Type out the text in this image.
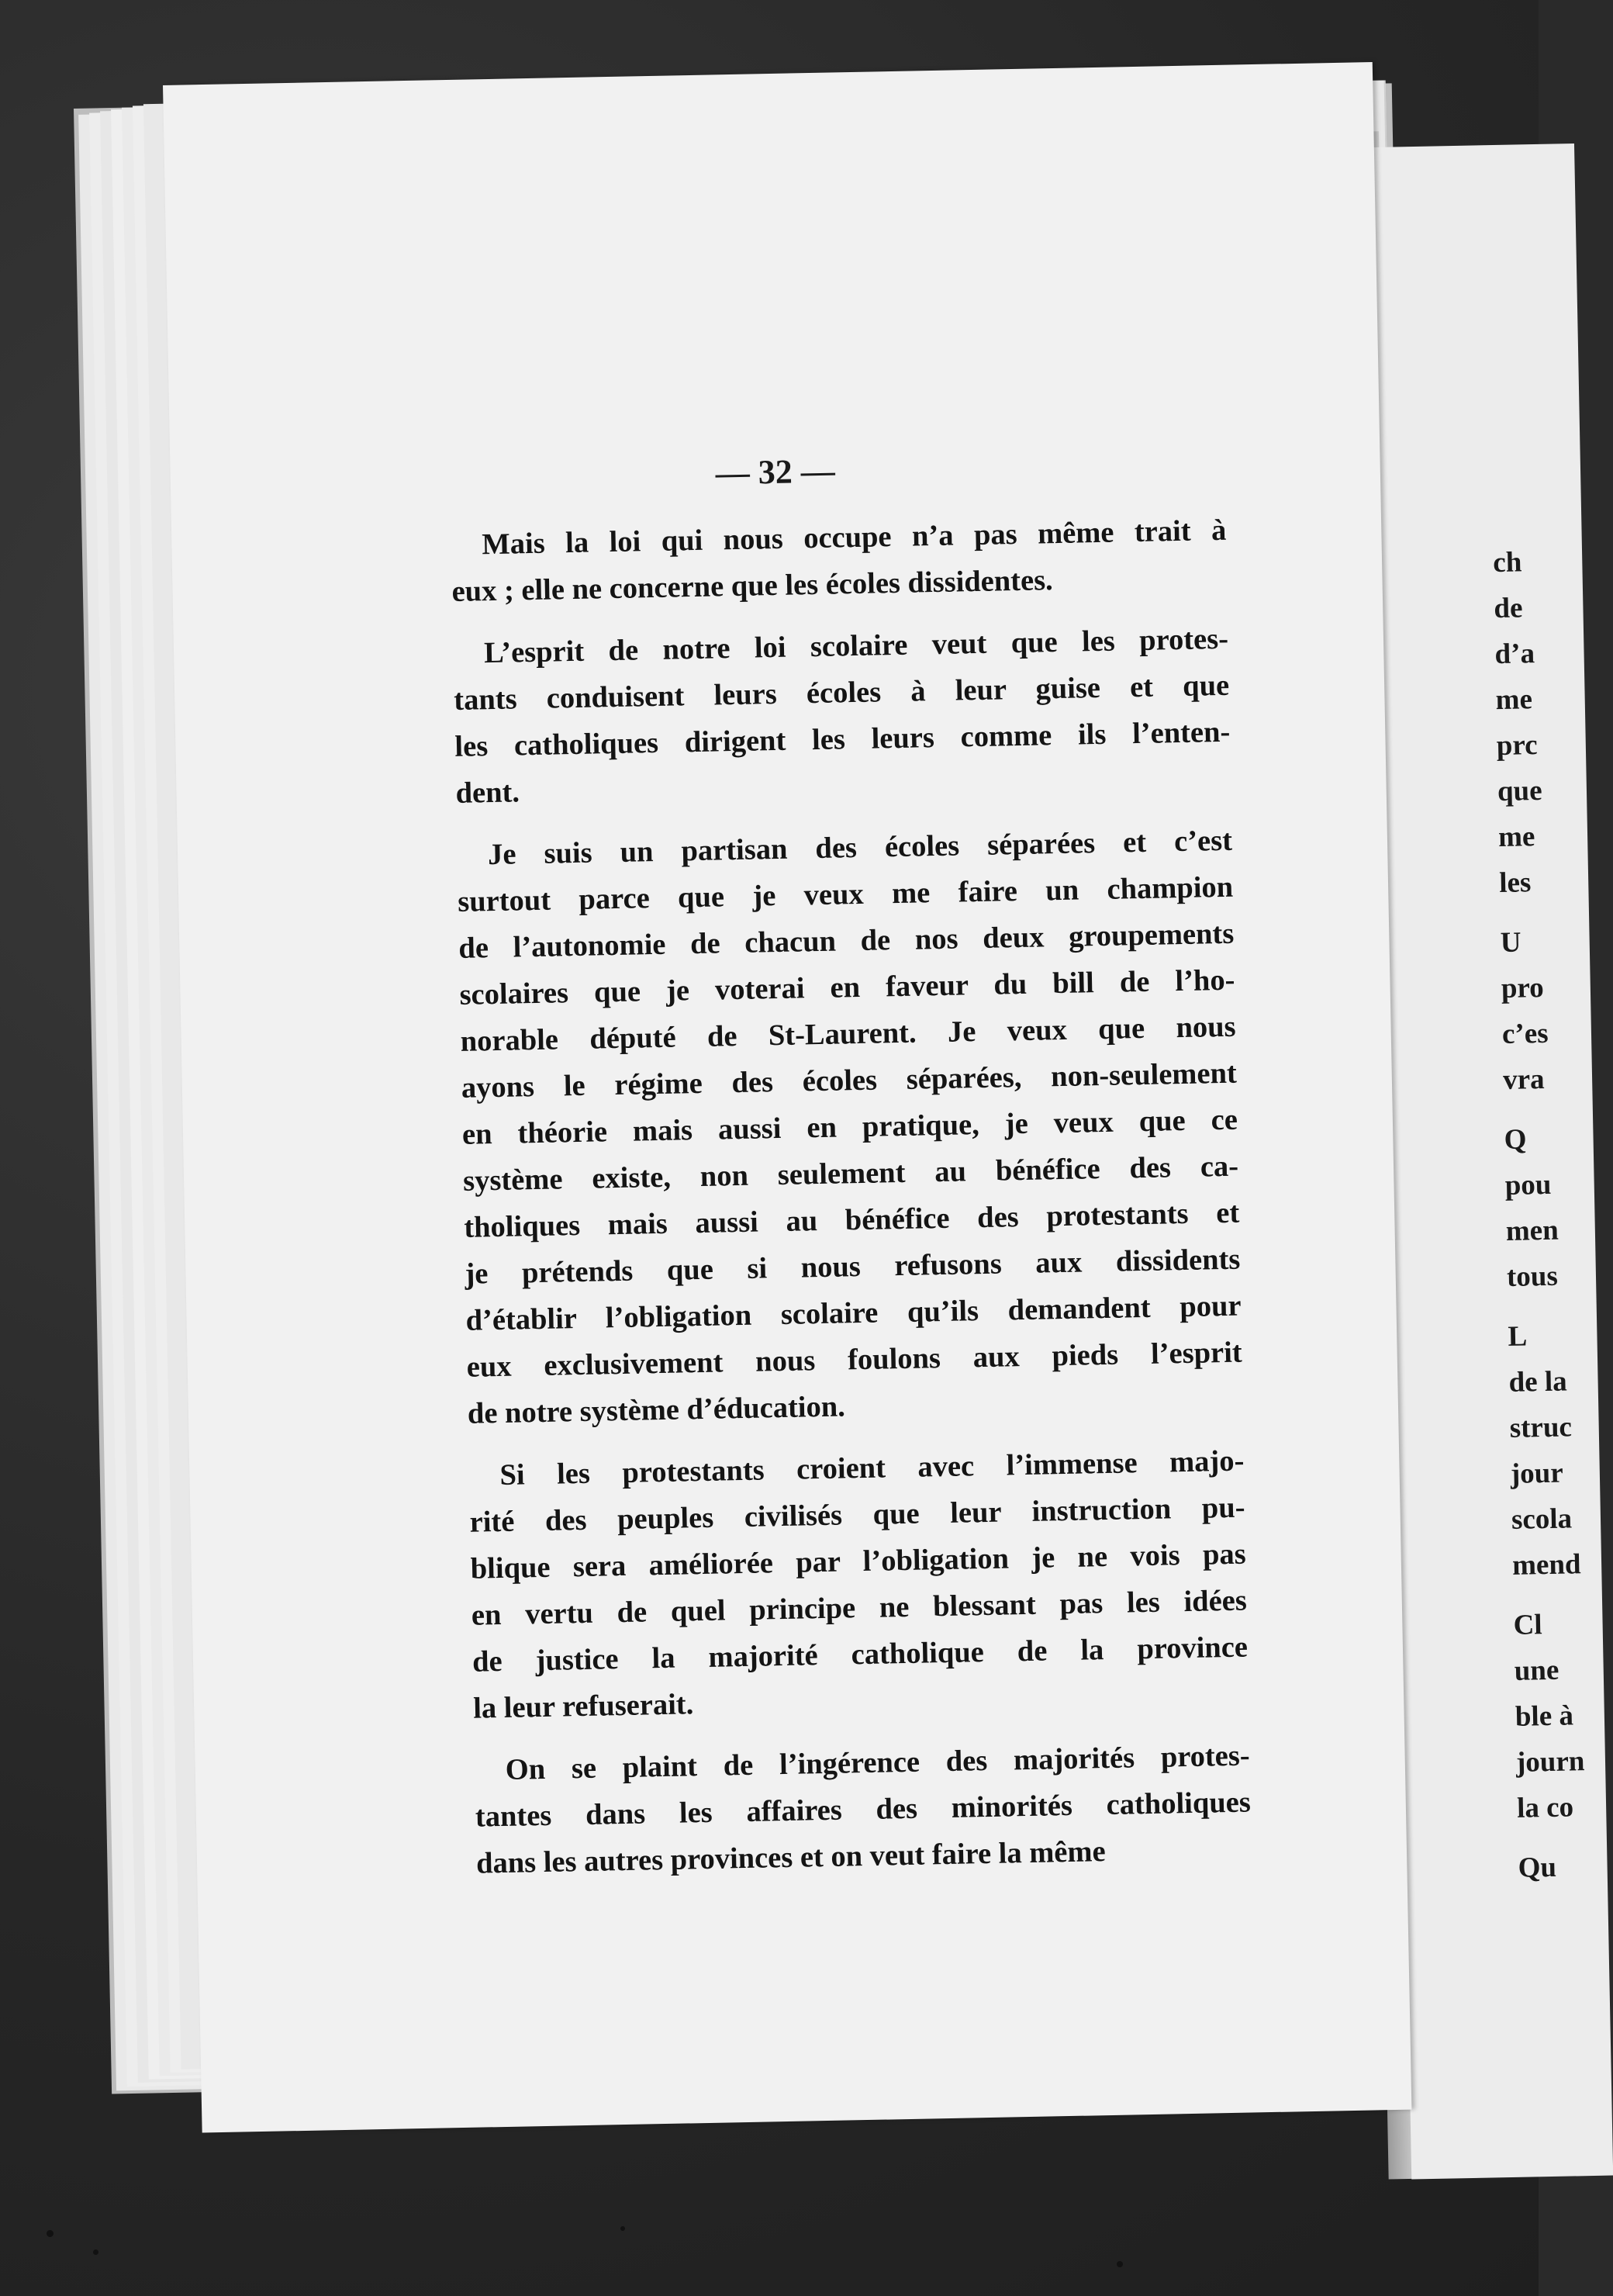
ch
de
d’a
me
prc
que
me
les
U
pro
c’es
vra
Q
pou
men
tous
L
de la
struc
jour
scola
mend
Cl
une
ble à
journ
la co
Qu
— 32 —
Mais la loi qui nous occupe n’a pas même trait à
eux ; elle ne concerne que les écoles dissidentes.
L’esprit de notre loi scolaire veut que les protes-
tants conduisent leurs écoles à leur guise et que
les catholiques dirigent les leurs comme ils l’enten-
dent.
Je suis un partisan des écoles séparées et c’est
surtout parce que je veux me faire un champion
de l’autonomie de chacun de nos deux groupements
scolaires que je voterai en faveur du bill de l’ho-
norable député de St-Laurent. Je veux que nous
ayons le régime des écoles séparées, non-seulement
en théorie mais aussi en pratique, je veux que ce
système existe, non seulement au bénéfice des ca-
tholiques mais aussi au bénéfice des protestants et
je prétends que si nous refusons aux dissidents
d’établir l’obligation scolaire qu’ils demandent pour
eux exclusivement nous foulons aux pieds l’esprit
de notre système d’éducation.
Si les protestants croient avec l’immense majo-
rité des peuples civilisés que leur instruction pu-
blique sera améliorée par l’obligation je ne vois pas
en vertu de quel principe ne blessant pas les idées
de justice la majorité catholique de la province
la leur refuserait.
On se plaint de l’ingérence des majorités protes-
tantes dans les affaires des minorités catholiques
dans les autres provinces et on veut faire la même
